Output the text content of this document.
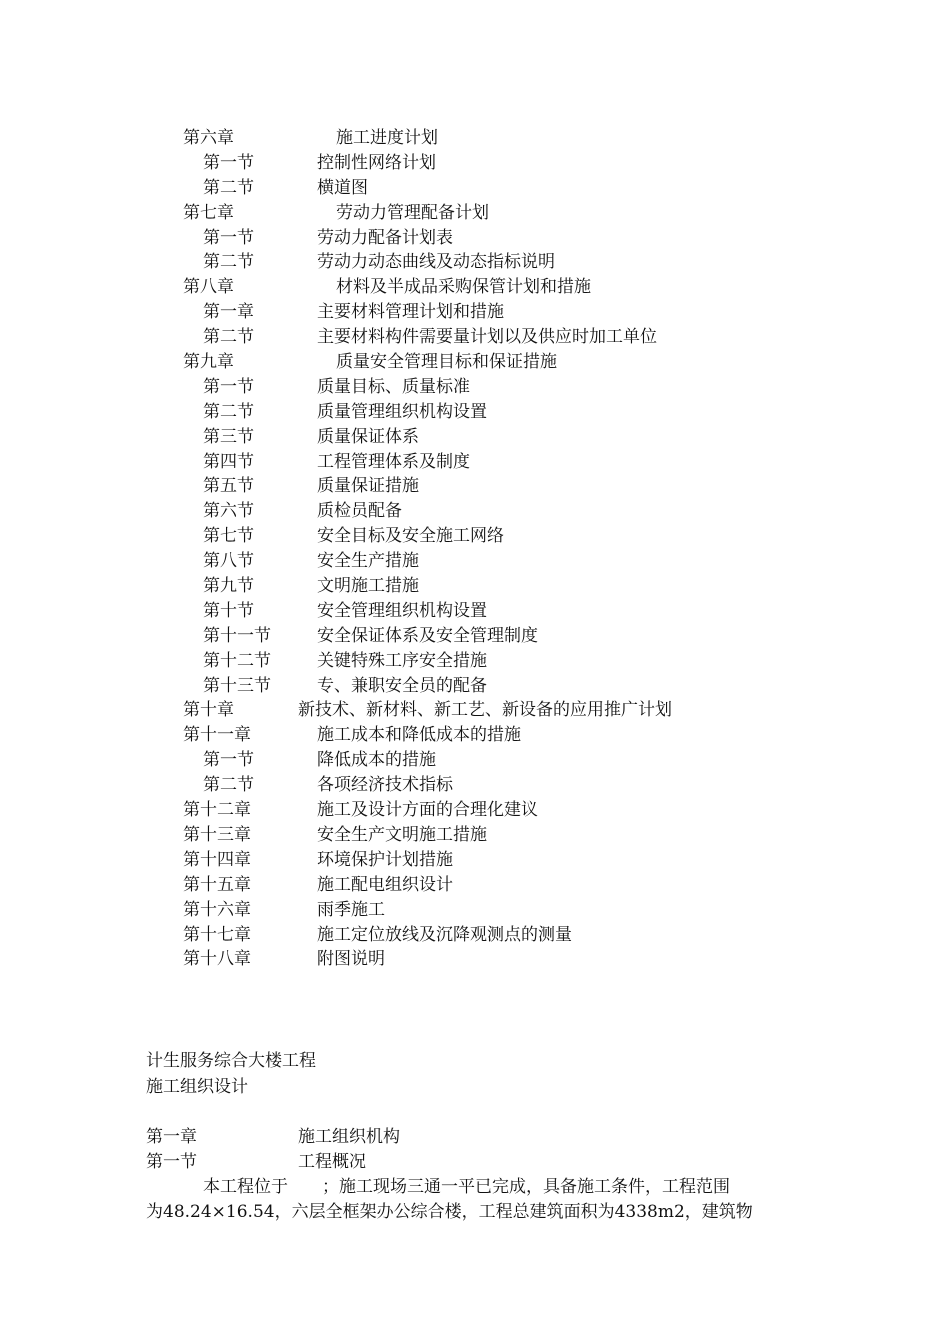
第六章	施工进度计划
第一节	控制性网络计划
第二节	横道图
第七章	劳动力管理配备计划
第一节	劳动力配备计划表
第二节	劳动力动态曲线及动态指标说明
第八章	材料及半成品采购保管计划和措施
第一章	主要材料管理计划和措施
第二节	主要材料构件需要量计划以及供应时加工单位
第九章	质量安全管理目标和保证措施
第一节	质量目标、质量标准
第二节	质量管理组织机构设置
第三节	质量保证体系
第四节	工程管理体系及制度
第五节	质量保证措施
第六节	质检员配备
第七节	安全目标及安全施工网络
第八节	安全生产措施
第九节	文明施工措施
第十节	安全管理组织机构设置
第十一节	安全保证体系及安全管理制度
第十二节	关键特殊工序安全措施
第十三节	专、兼职安全员的配备
第十章	新技术、新材料、新工艺、新设备的应用推广计划
第十一章	施工成本和降低成本的措施
第一节	降低成本的措施
第二节	各项经济技术指标
第十二章	施工及设计方面的合理化建议
第十三章	安全生产文明施工措施
第十四章	环境保护计划措施
第十五章	施工配电组织设计
第十六章	雨季施工
第十七章	施工定位放线及沉降观测点的测量
第十八章	附图说明
计生服务综合大楼工程
施工组织设计
第一章	施工组织机构
第一节	工程概况
本工程位于　　；施工现场三通一平已完成，具备施工条件，工程范围
为48.24×16.54，六层全框架办公综合楼，工程总建筑面积为4338m2，建筑物
